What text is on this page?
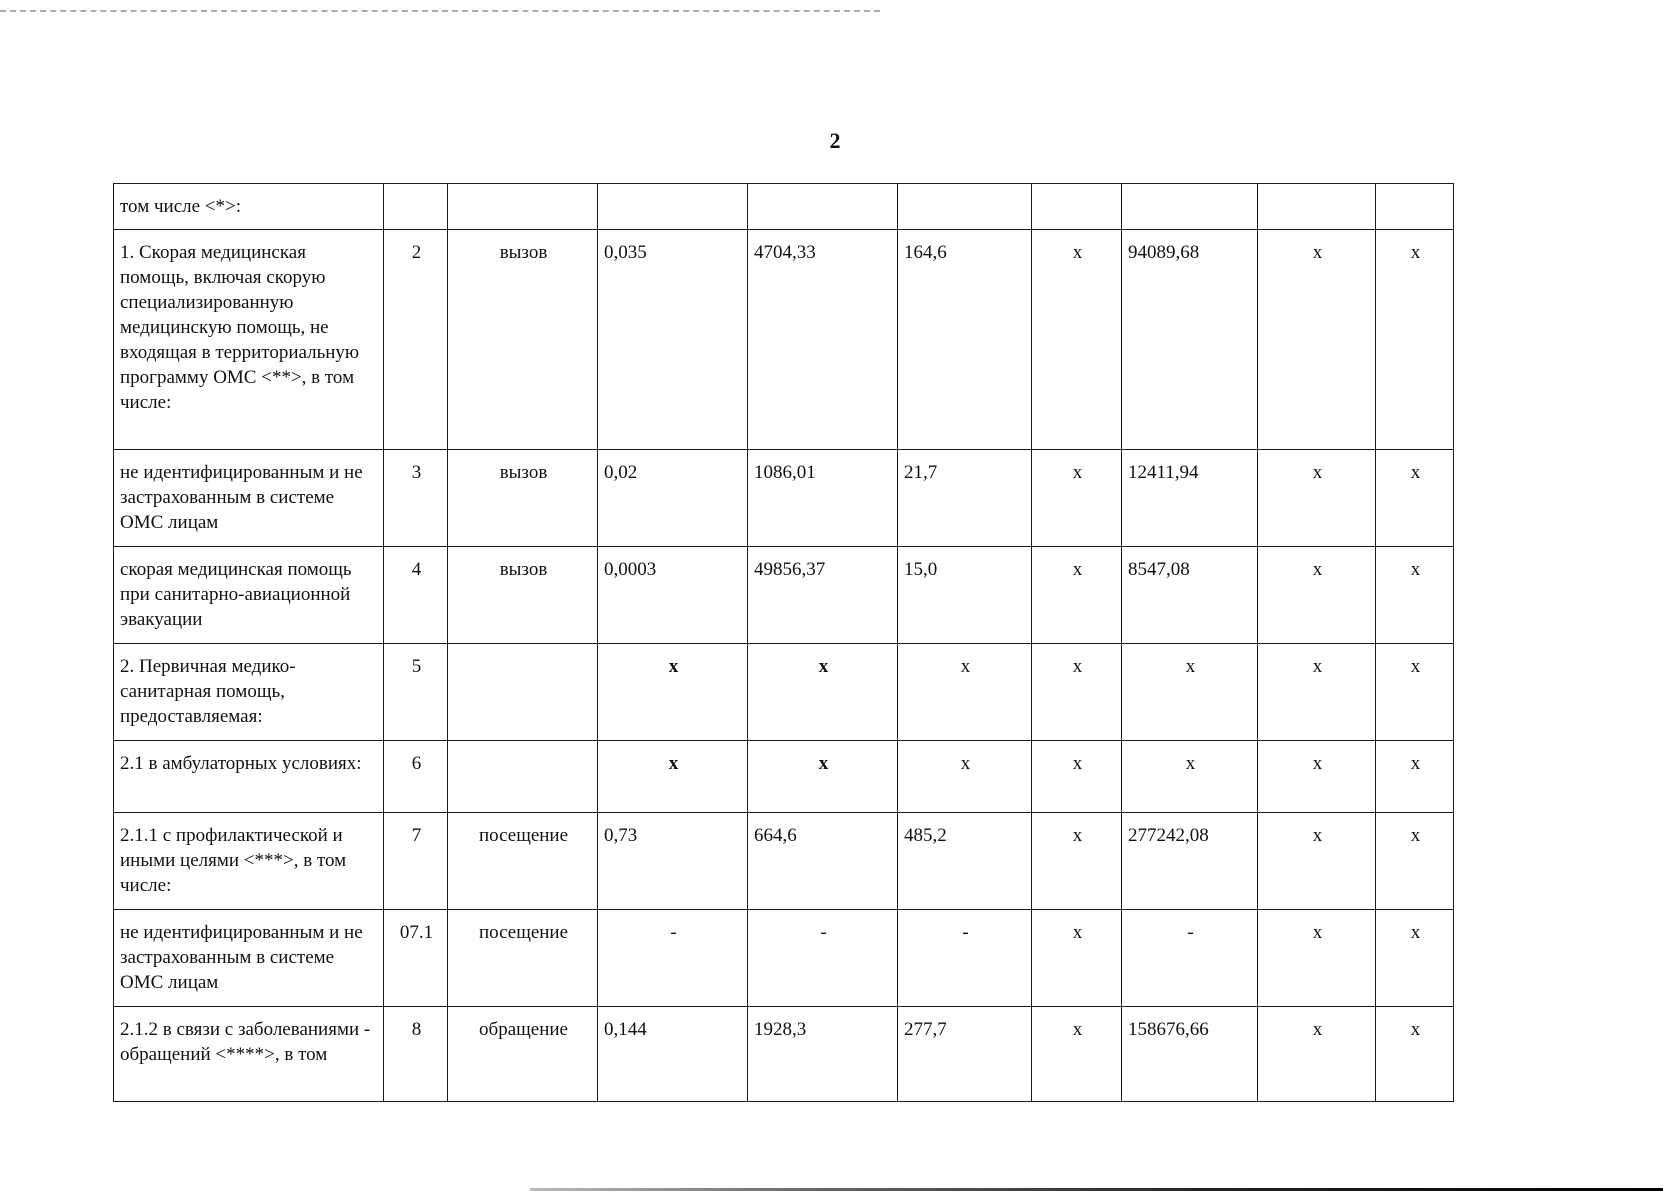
2
том числе <*>:									
1. Скорая медицинская помощь, включая скорую специализированную медицинскую помощь, не входящая в территориальную программу ОМС <**>, в том числе:	2	вызов	0,035	4704,33	164,6	х	94089,68	х	х
не идентифицированным и не застрахованным в системе ОМС лицам	3	вызов	0,02	1086,01	21,7	х	12411,94	х	х
скорая медицинская помощь при санитарно-авиационной эвакуации	4	вызов	0,0003	49856,37	15,0	х	8547,08	х	х
2. Первичная медико-санитарная помощь, предоставляемая:	5		х	х	х	х	х	х	х
2.1 в амбулаторных условиях:	6		х	х	х	х	х	х	х
2.1.1 с профилактической и иными целями <***>, в том числе:	7	посещение	0,73	664,6	485,2	х	277242,08	х	х
не идентифицированным и не застрахованным в системе ОМС лицам	07.1	посещение	-	-	-	х	-	х	х
2.1.2 в связи с заболеваниями - обращений <****>, в том	8	обращение	0,144	1928,3	277,7	х	158676,66	х	х
